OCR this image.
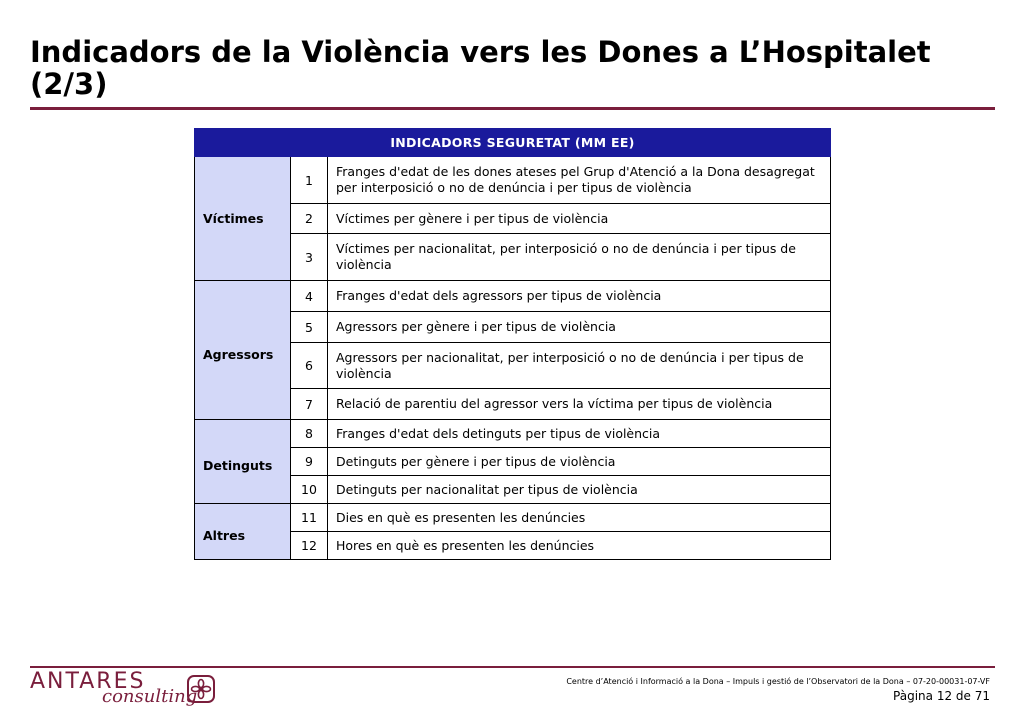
Indicadors de la Violència vers les Dones a L’Hospitalet (2/3)
INDICADORS SEGURETAT (MM EE)		
Víctimes	1	Franges d'edat de les dones ateses pel Grup d'Atenció a la Dona desagregat per interposició o no de denúncia i per tipus de violència
	2	Víctimes per gènere i per tipus de violència
	3	Víctimes per nacionalitat, per interposició o no de denúncia i per tipus de violència
Agressors	4	Franges d'edat dels agressors per tipus de violència
	5	Agressors per gènere i per tipus de violència
	6	Agressors per nacionalitat, per interposició o no de denúncia i per tipus de violència
	7	Relació de parentiu del agressor vers la víctima per tipus de violència
Detinguts	8	Franges d'edat dels detinguts per tipus de violència
	9	Detinguts per gènere i per tipus de violència
	10	Detinguts per nacionalitat per tipus de violència
Altres	11	Dies en què es presenten les denúncies
	12	Hores en què es presenten les denúncies
ANTARES
consulting
Centre d’Atenció i Informació a la Dona – Impuls i gestió de l’Observatori de la Dona – 07-20-00031-07-VF
Pàgina 12 de 71
